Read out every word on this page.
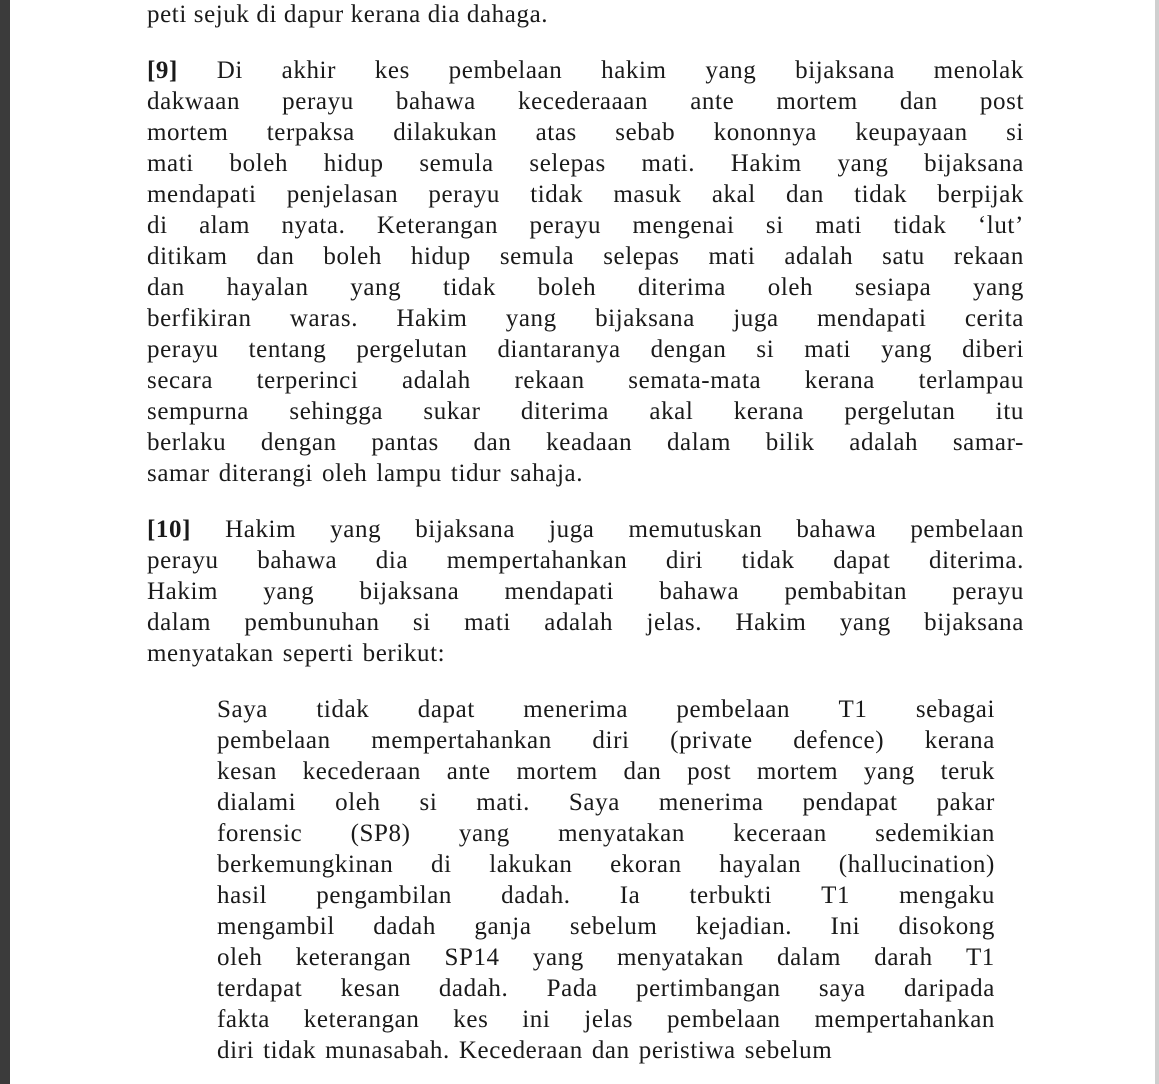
peti sejuk di dapur kerana dia dahaga.
[9] Di akhir kes pembelaan hakim yang bijaksana menolak
dakwaan perayu bahawa kecederaaan ante mortem dan post
mortem terpaksa dilakukan atas sebab kononnya keupayaan si
mati boleh hidup semula selepas mati. Hakim yang bijaksana
mendapati penjelasan perayu tidak masuk akal dan tidak berpijak
di alam nyata. Keterangan perayu mengenai si mati tidak ‘lut’
ditikam dan boleh hidup semula selepas mati adalah satu rekaan
dan hayalan yang tidak boleh diterima oleh sesiapa yang
berfikiran waras. Hakim yang bijaksana juga mendapati cerita
perayu tentang pergelutan diantaranya dengan si mati yang diberi
secara terperinci adalah rekaan semata-mata kerana terlampau
sempurna sehingga sukar diterima akal kerana pergelutan itu
berlaku dengan pantas dan keadaan dalam bilik adalah samar-
samar diterangi oleh lampu tidur sahaja.
[10] Hakim yang bijaksana juga memutuskan bahawa pembelaan
perayu bahawa dia mempertahankan diri tidak dapat diterima.
Hakim yang bijaksana mendapati bahawa pembabitan perayu
dalam pembunuhan si mati adalah jelas. Hakim yang bijaksana
menyatakan seperti berikut:
Saya tidak dapat menerima pembelaan T1 sebagai
pembelaan mempertahankan diri (private defence) kerana
kesan kecederaan ante mortem dan post mortem yang teruk
dialami oleh si mati. Saya menerima pendapat pakar
forensic (SP8) yang menyatakan keceraan sedemikian
berkemungkinan di lakukan ekoran hayalan (hallucination)
hasil pengambilan dadah. Ia terbukti T1 mengaku
mengambil dadah ganja sebelum kejadian. Ini disokong
oleh keterangan SP14 yang menyatakan dalam darah T1
terdapat kesan dadah. Pada pertimbangan saya daripada
fakta keterangan kes ini jelas pembelaan mempertahankan
diri tidak munasabah. Kecederaan dan peristiwa sebelum
